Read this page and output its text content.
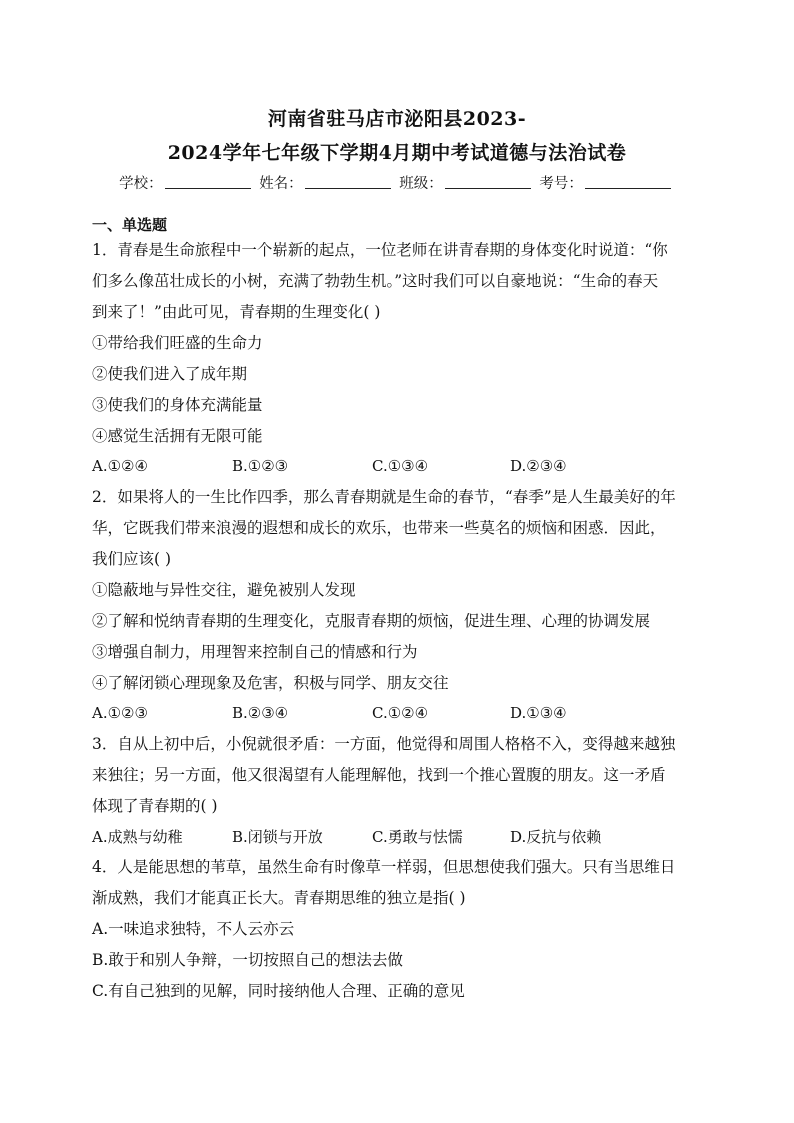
河南省驻马店市泌阳县2023-
2024学年七年级下学期4月期中考试道德与法治试卷
学校：	姓名：	班级：	考号：
一、单选题
1．青春是生命旅程中一个崭新的起点，一位老师在讲青春期的身体变化时说道：“你
们多么像茁壮成长的小树，充满了勃勃生机。”这时我们可以自豪地说：“生命的春天
到来了！”由此可见，青春期的生理变化( )
①带给我们旺盛的生命力
②使我们进入了成年期
③使我们的身体充满能量
④感觉生活拥有无限可能
A.①②④	B.①②③	C.①③④	D.②③④
2．如果将人的一生比作四季，那么青春期就是生命的春节，“春季”是人生最美好的年
华，它既我们带来浪漫的遐想和成长的欢乐，也带来一些莫名的烦恼和困惑．因此，
我们应该( )
①隐蔽地与异性交往，避免被别人发现
②了解和悦纳青春期的生理变化，克服青春期的烦恼，促进生理、心理的协调发展
③增强自制力，用理智来控制自己的情感和行为
④了解闭锁心理现象及危害，积极与同学、朋友交往
A.①②③	B.②③④	C.①②④	D.①③④
3．自从上初中后，小倪就很矛盾：一方面，他觉得和周围人格格不入，变得越来越独
来独往；另一方面，他又很渴望有人能理解他，找到一个推心置腹的朋友。这一矛盾
体现了青春期的( )
A.成熟与幼稚	B.闭锁与开放	C.勇敢与怯懦	D.反抗与依赖
4．人是能思想的苇草，虽然生命有时像草一样弱，但思想使我们强大。只有当思维日
渐成熟，我们才能真正长大。青春期思维的独立是指( )
A.一味追求独特，不人云亦云
B.敢于和别人争辩，一切按照自己的想法去做
C.有自己独到的见解，同时接纳他人合理、正确的意见
